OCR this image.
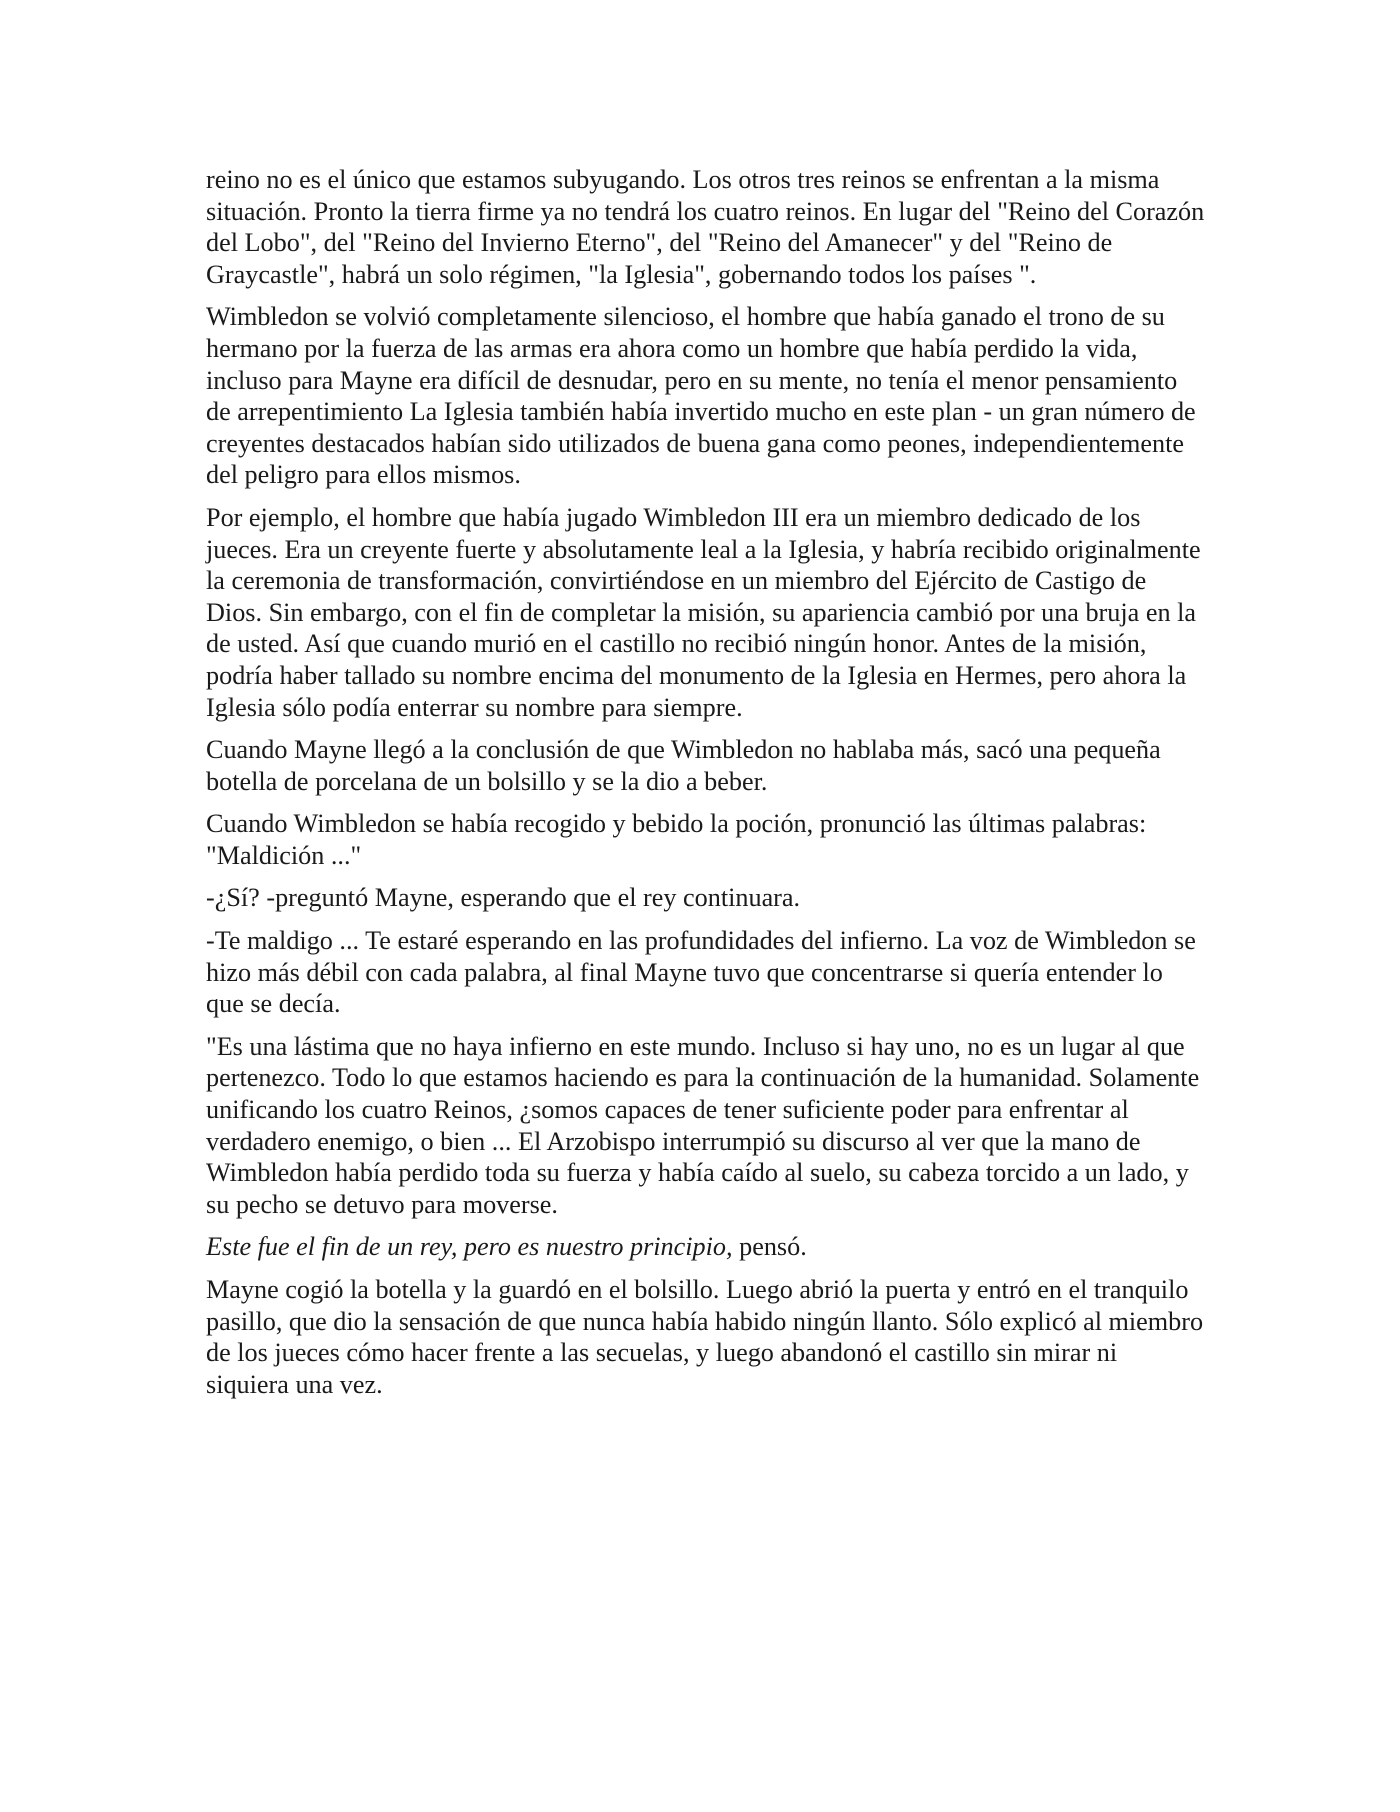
reino no es el único que estamos subyugando. Los otros tres reinos se enfrentan a la misma situación. Pronto la tierra firme ya no tendrá los cuatro reinos. En lugar del "Reino del Corazón del Lobo", del "Reino del Invierno Eterno", del "Reino del Amanecer" y del "Reino de Graycastle", habrá un solo régimen, "la Iglesia", gobernando todos los países ".

Wimbledon se volvió completamente silencioso, el hombre que había ganado el trono de su hermano por la fuerza de las armas era ahora como un hombre que había perdido la vida, incluso para Mayne era difícil de desnudar, pero en su mente, no tenía el menor pensamiento de arrepentimiento La Iglesia también había invertido mucho en este plan - un gran número de creyentes destacados habían sido utilizados de buena gana como peones, independientemente del peligro para ellos mismos.

Por ejemplo, el hombre que había jugado Wimbledon III era un miembro dedicado de los jueces. Era un creyente fuerte y absolutamente leal a la Iglesia, y habría recibido originalmente la ceremonia de transformación, convirtiéndose en un miembro del Ejército de Castigo de Dios. Sin embargo, con el fin de completar la misión, su apariencia cambió por una bruja en la de usted. Así que cuando murió en el castillo no recibió ningún honor. Antes de la misión, podría haber tallado su nombre encima del monumento de la Iglesia en Hermes, pero ahora la Iglesia sólo podía enterrar su nombre para siempre.

Cuando Mayne llegó a la conclusión de que Wimbledon no hablaba más, sacó una pequeña botella de porcelana de un bolsillo y se la dio a beber.

Cuando Wimbledon se había recogido y bebido la poción, pronunció las últimas palabras: "Maldición ..."

-¿Sí? -preguntó Mayne, esperando que el rey continuara.

-Te maldigo ... Te estaré esperando en las profundidades del infierno. La voz de Wimbledon se hizo más débil con cada palabra, al final Mayne tuvo que concentrarse si quería entender lo que se decía.

"Es una lástima que no haya infierno en este mundo. Incluso si hay uno, no es un lugar al que pertenezco. Todo lo que estamos haciendo es para la continuación de la humanidad. Solamente unificando los cuatro Reinos, ¿somos capaces de tener suficiente poder para enfrentar al verdadero enemigo, o bien ... El Arzobispo interrumpió su discurso al ver que la mano de Wimbledon había perdido toda su fuerza y había caído al suelo, su cabeza torcido a un lado, y su pecho se detuvo para moverse.

Este fue el fin de un rey, pero es nuestro principio, pensó.

Mayne cogió la botella y la guardó en el bolsillo. Luego abrió la puerta y entró en el tranquilo pasillo, que dio la sensación de que nunca había habido ningún llanto. Sólo explicó al miembro de los jueces cómo hacer frente a las secuelas, y luego abandonó el castillo sin mirar ni siquiera una vez.
